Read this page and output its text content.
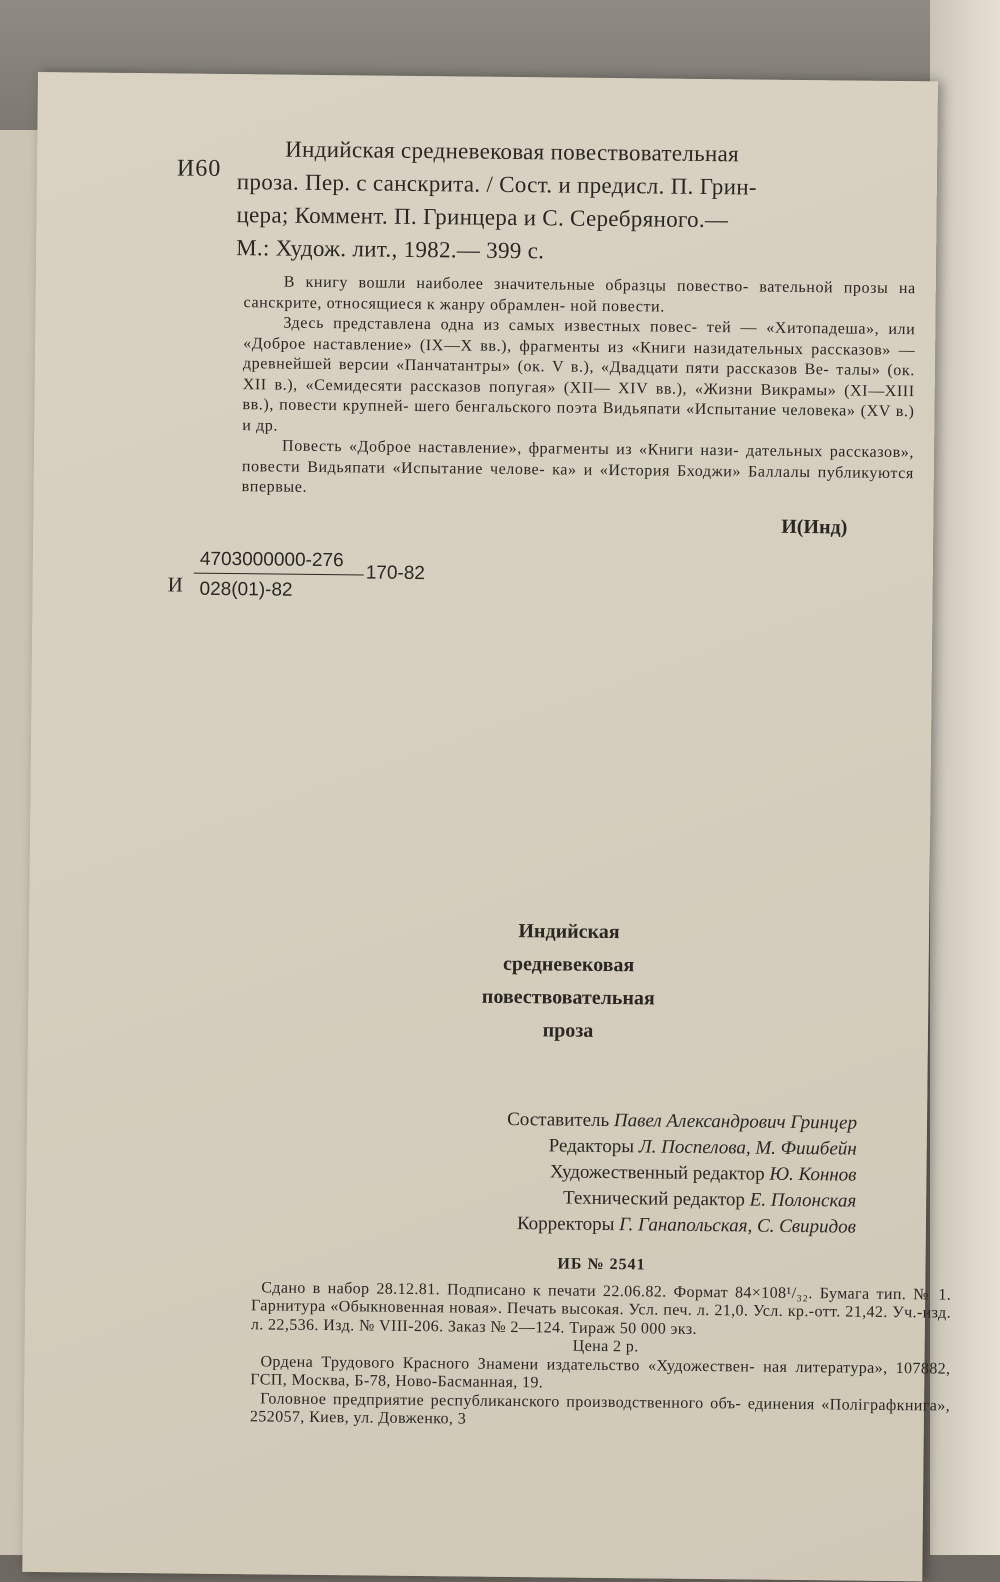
И60
Индийская средневековая повествовательная
проза. Пер. с санскрита. / Сост. и предисл. П. Грин-
цера; Коммент. П. Гринцера и С. Серебряного.—
М.: Худож. лит., 1982.— 399 с.

В книгу вошли наиболее значительные образцы повество- вательной прозы на санскрите, относящиеся к жанру обрамлен- ной повести.

Здесь представлена одна из самых известных повес- тей — «Хитопадеша», или «Доброе наставление» (IX—X вв.), фрагменты из «Книги назидательных рассказов» — древнейшей версии «Панчатантры» (ок. V в.), «Двадцати пяти рассказов Ве- талы» (ок. XII в.), «Семидесяти рассказов попугая» (XII— XIV вв.), «Жизни Викрамы» (XI—XIII вв.), повести крупней- шего бенгальского поэта Видьяпати «Испытание человека» (XV в.) и др.

Повесть «Доброе наставление», фрагменты из «Книги нази- дательных рассказов», повести Видьяпати «Испытание челове- ка» и «История Бходжи» Баллалы публикуются впервые.

И(Инд)
И
4703000000-276
028(01)-82
170-82
Индийская
средневековая
повествовательная
проза
Составитель Павел Александрович Гринцер
Редакторы Л. Поспелова, М. Фишбейн
Художественный редактор Ю. Коннов
Технический редактор Е. Полонская
Корректоры Г. Ганапольская, С. Свиридов
ИБ № 2541

Сдано в набор 28.12.81. Подписано к печати 22.06.82. Формат 84×108¹/₃₂. Бумага тип. № 1. Гарнитура «Обыкновенная новая». Печать высокая. Усл. печ. л. 21,0. Усл. кр.-отт. 21,42. Уч.-изд. л. 22,536. Изд. № VIII-206. Заказ № 2—124. Тираж 50 000 экз.

Цена 2 р.

Ордена Трудового Красного Знамени издательство «Художествен- ная литература», 107882, ГСП, Москва, Б-78, Ново-Басманная, 19.

Головное предприятие республиканского производственного объ- единения «Поліграфкнига», 252057, Киев, ул. Довженко, 3
